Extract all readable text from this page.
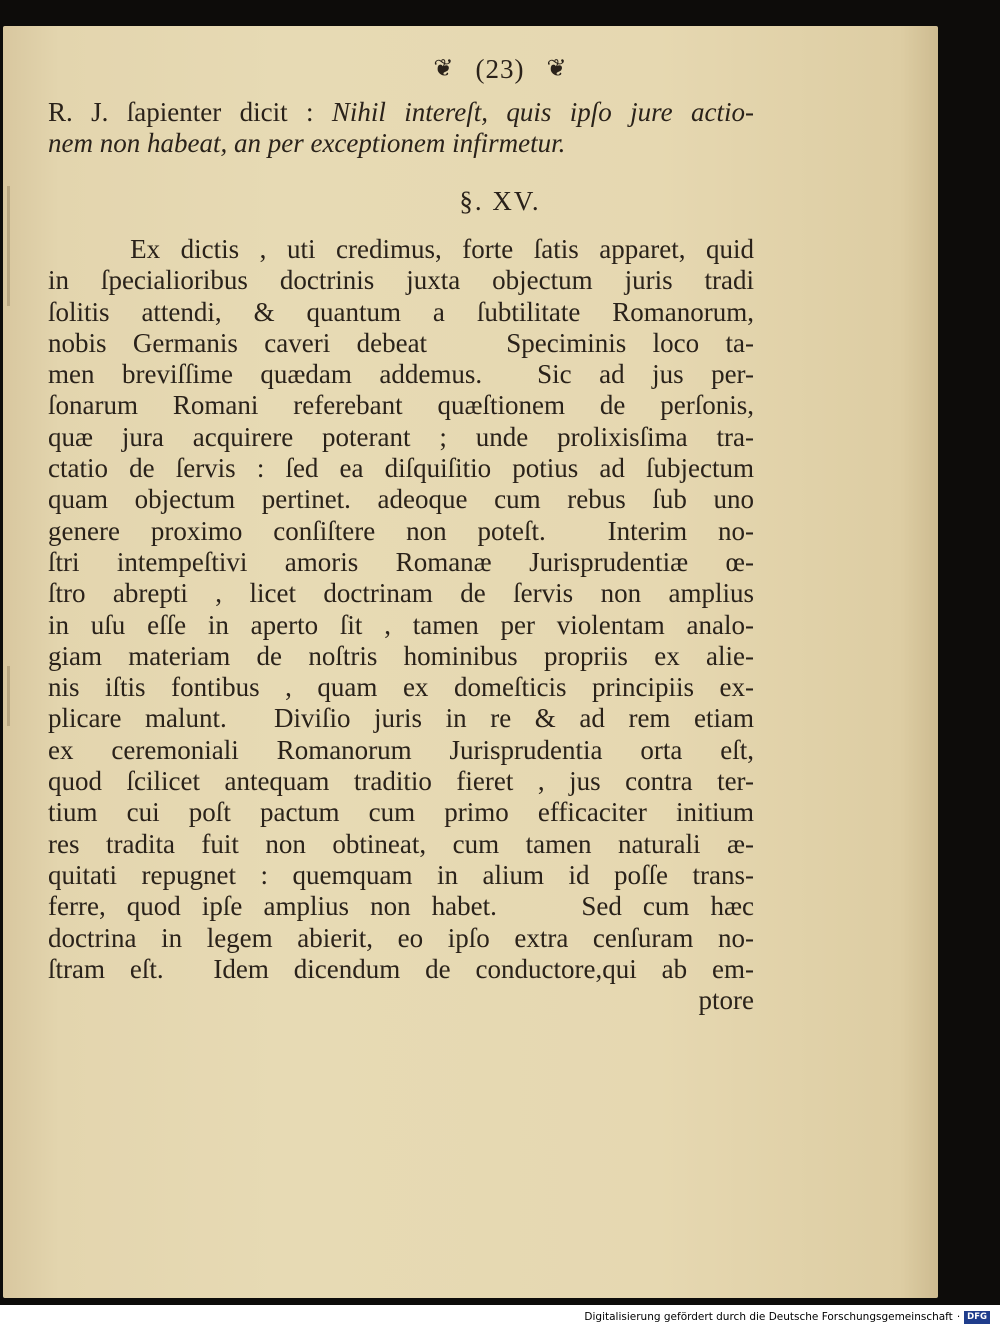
❦ (23) ❦
R. J. ſapienter dicit : Nihil intereſt, quis ipſo jure actio-
nem non habeat, an per exceptionem infirmetur.
§. XV.
Ex dictis , uti credimus, forte ſatis apparet, quid
in ſpecialioribus doctrinis juxta objectum juris tradi
ſolitis attendi, & quantum a ſubtilitate Romanorum,
nobis Germanis caveri debeat   Speciminis loco ta-
men breviſſime quædam addemus.  Sic ad jus per-
ſonarum Romani referebant quæſtionem de perſonis,
quæ jura acquirere poterant ; unde prolixisſima tra-
ctatio de ſervis : ſed ea diſquiſitio potius ad ſubjectum
quam objectum pertinet. adeoque cum rebus ſub uno
genere proximo conſiſtere non poteſt.  Interim no-
ſtri intempeſtivi amoris Romanæ Jurisprudentiæ œ-
ſtro abrepti , licet doctrinam de ſervis non amplius
in uſu eſſe in aperto ſit , tamen per violentam analo-
giam materiam de noſtris hominibus propriis ex alie-
nis iſtis fontibus , quam ex domeſticis principiis ex-
plicare malunt.  Diviſio juris in re & ad rem etiam
ex ceremoniali Romanorum Jurisprudentia orta eſt,
quod ſcilicet antequam traditio fieret , jus contra ter-
tium cui poſt pactum cum primo efficaciter initium
res tradita fuit non obtineat, cum tamen naturali æ-
quitati repugnet : quemquam in alium id poſſe trans-
ferre, quod ipſe amplius non habet.    Sed cum hæc
doctrina in legem abierit, eo ipſo extra cenſuram no-
ſtram eſt.  Idem dicendum de conductore,qui ab em-
ptore
Digitalisierung gefördert durch die Deutsche Forschungsgemeinschaft · DFG
